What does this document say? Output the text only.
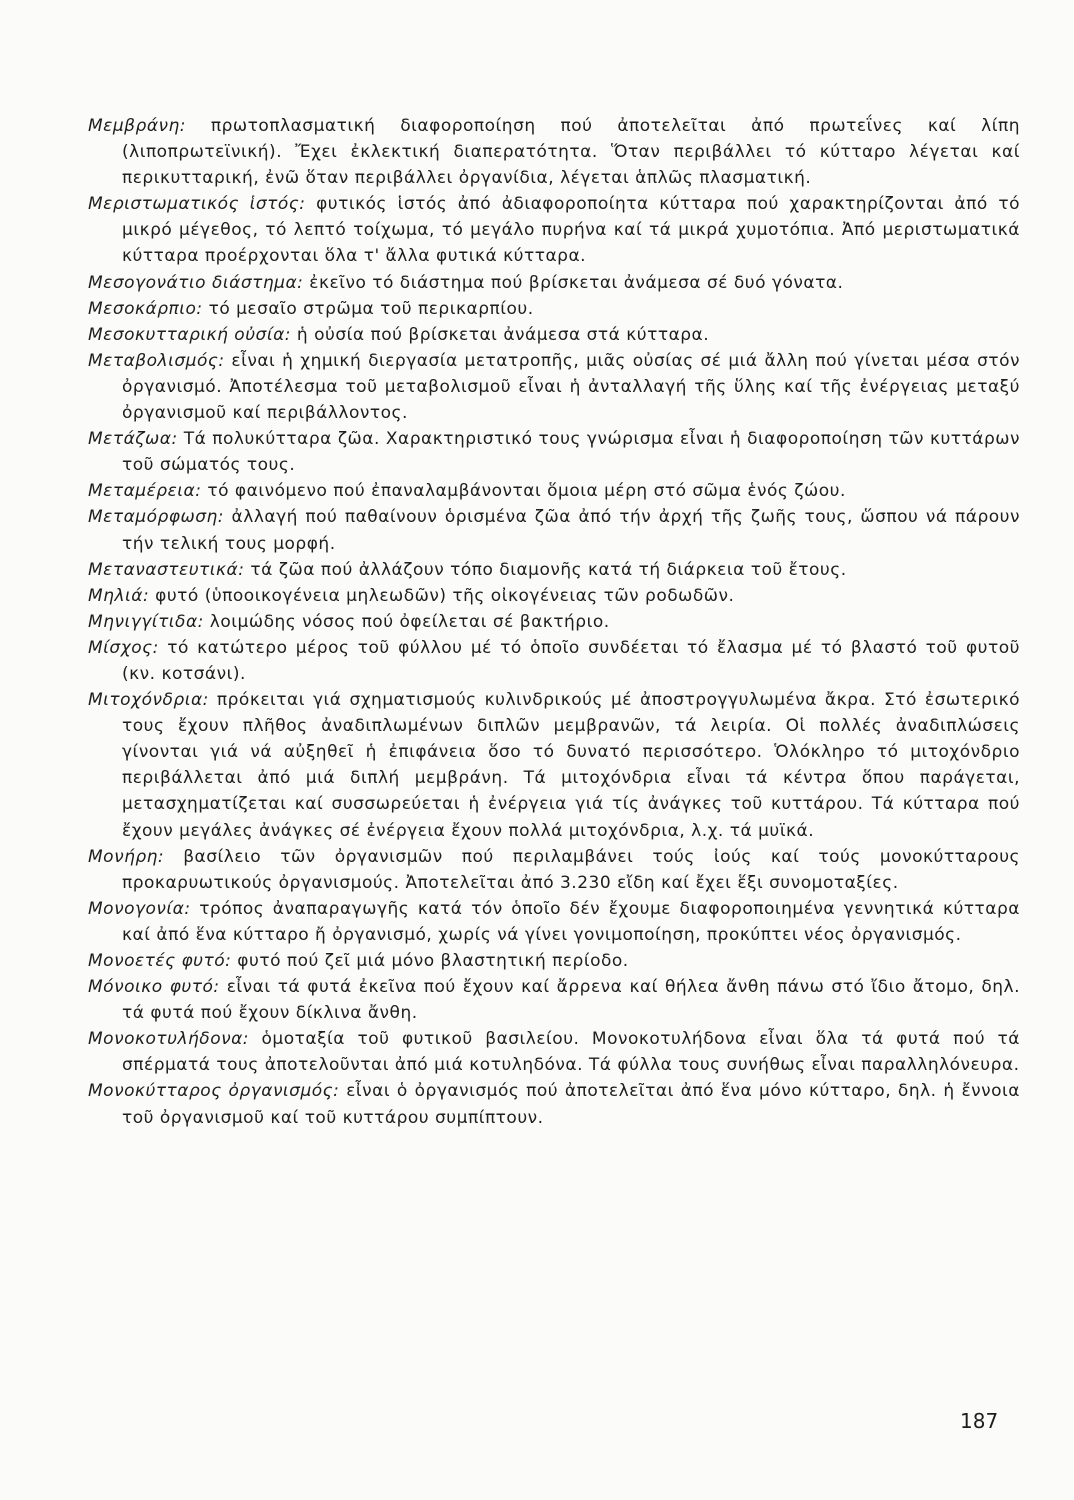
Μεμβράνη: πρωτοπλασματική διαφοροποίηση πού ἀποτελεῖται ἀπό πρωτεΐνες καί λίπη (λιποπρωτεϊνική). Ἔχει ἐκλεκτική διαπερατότητα. Ὅταν περιβάλλει τό κύτταρο λέγεται καί περικυτταρική, ἐνῶ ὅταν περιβάλλει ὀργανίδια, λέγεται ἁπλῶς πλασματική.

Μεριστωματικός ἱστός: φυτικός ἱστός ἀπό ἀδιαφοροποίητα κύτταρα πού χαρακτηρίζονται ἀπό τό μικρό μέγεθος, τό λεπτό τοίχωμα, τό μεγάλο πυρήνα καί τά μικρά χυμοτόπια. Ἀπό μεριστωματικά κύτταρα προέρχονται ὅλα τ' ἄλλα φυτικά κύτταρα.

Μεσογονάτιο διάστημα: ἐκεῖνο τό διάστημα πού βρίσκεται ἀνάμεσα σέ δυό γόνατα.

Μεσοκάρπιο: τό μεσαῖο στρῶμα τοῦ περικαρπίου.

Μεσοκυτταρική οὐσία: ἡ οὐσία πού βρίσκεται ἀνάμεσα στά κύτταρα.

Μεταβολισμός: εἶναι ἡ χημική διεργασία μετατροπῆς, μιᾶς οὐσίας σέ μιά ἄλλη πού γίνεται μέσα στόν ὀργανισμό. Ἀποτέλεσμα τοῦ μεταβολισμοῦ εἶναι ἡ ἀνταλλαγή τῆς ὕλης καί τῆς ἐνέργειας μεταξύ ὀργανισμοῦ καί περιβάλλοντος.

Μετάζωα: Τά πολυκύτταρα ζῶα. Χαρακτηριστικό τους γνώρισμα εἶναι ἡ διαφοροποίηση τῶν κυττάρων τοῦ σώματός τους.

Μεταμέρεια: τό φαινόμενο πού ἐπαναλαμβάνονται ὅμοια μέρη στό σῶμα ἑνός ζώου.

Μεταμόρφωση: ἀλλαγή πού παθαίνουν ὁρισμένα ζῶα ἀπό τήν ἀρχή τῆς ζωῆς τους, ὥσπου νά πάρουν τήν τελική τους μορφή.

Μεταναστευτικά: τά ζῶα πού ἀλλάζουν τόπο διαμονῆς κατά τή διάρκεια τοῦ ἔτους.

Μηλιά: φυτό (ὑποοικογένεια μηλεωδῶν) τῆς οἰκογένειας τῶν ροδωδῶν.

Μηνιγγίτιδα: λοιμώδης νόσος πού ὀφείλεται σέ βακτήριο.

Μίσχος: τό κατώτερο μέρος τοῦ φύλλου μέ τό ὁποῖο συνδέεται τό ἔλασμα μέ τό βλαστό τοῦ φυτοῦ (κν. κοτσάνι).

Μιτοχόνδρια: πρόκειται γιά σχηματισμούς κυλινδρικούς μέ ἀποστρογγυλωμένα ἄκρα. Στό ἐσωτερικό τους ἔχουν πλῆθος ἀναδιπλωμένων διπλῶν μεμβρανῶν, τά λειρία. Οἱ πολλές ἀναδιπλώσεις γίνονται γιά νά αὐξηθεῖ ἡ ἐπιφάνεια ὅσο τό δυνατό περισσότερο. Ὁλόκληρο τό μιτοχόνδριο περιβάλλεται ἀπό μιά διπλή μεμβράνη. Τά μιτοχόνδρια εἶναι τά κέντρα ὅπου παράγεται, μετασχηματίζεται καί συσσωρεύεται ἡ ἐνέργεια γιά τίς ἀνάγκες τοῦ κυττάρου. Τά κύτταρα πού ἔχουν μεγάλες ἀνάγκες σέ ἐνέργεια ἔχουν πολλά μιτοχόνδρια, λ.χ. τά μυϊκά.

Μονήρη: βασίλειο τῶν ὀργανισμῶν πού περιλαμβάνει τούς ἰούς καί τούς μονοκύτταρους προκαρυωτικούς ὀργανισμούς. Ἀποτελεῖται ἀπό 3.230 εἴδη καί ἔχει ἕξι συνομοταξίες.

Μονογονία: τρόπος ἀναπαραγωγῆς κατά τόν ὁποῖο δέν ἔχουμε διαφοροποιημένα γεννητικά κύτταρα καί ἀπό ἕνα κύτταρο ἤ ὀργανισμό, χωρίς νά γίνει γονιμοποίηση, προκύπτει νέος ὀργανισμός.

Μονοετές φυτό: φυτό πού ζεῖ μιά μόνο βλαστητική περίοδο.

Μόνοικο φυτό: εἶναι τά φυτά ἐκεῖνα πού ἔχουν καί ἄρρενα καί θήλεα ἄνθη πάνω στό ἴδιο ἄτομο, δηλ. τά φυτά πού ἔχουν δίκλινα ἄνθη.

Μονοκοτυλήδονα: ὁμοταξία τοῦ φυτικοῦ βασιλείου. Μονοκοτυλήδονα εἶναι ὅλα τά φυτά πού τά σπέρματά τους ἀποτελοῦνται ἀπό μιά κοτυληδόνα. Τά φύλλα τους συνήθως εἶναι παραλληλόνευρα.

Μονοκύτταρος ὀργανισμός: εἶναι ὁ ὀργανισμός πού ἀποτελεῖται ἀπό ἕνα μόνο κύτταρο, δηλ. ἡ ἔννοια τοῦ ὀργανισμοῦ καί τοῦ κυττάρου συμπίπτουν.

187
